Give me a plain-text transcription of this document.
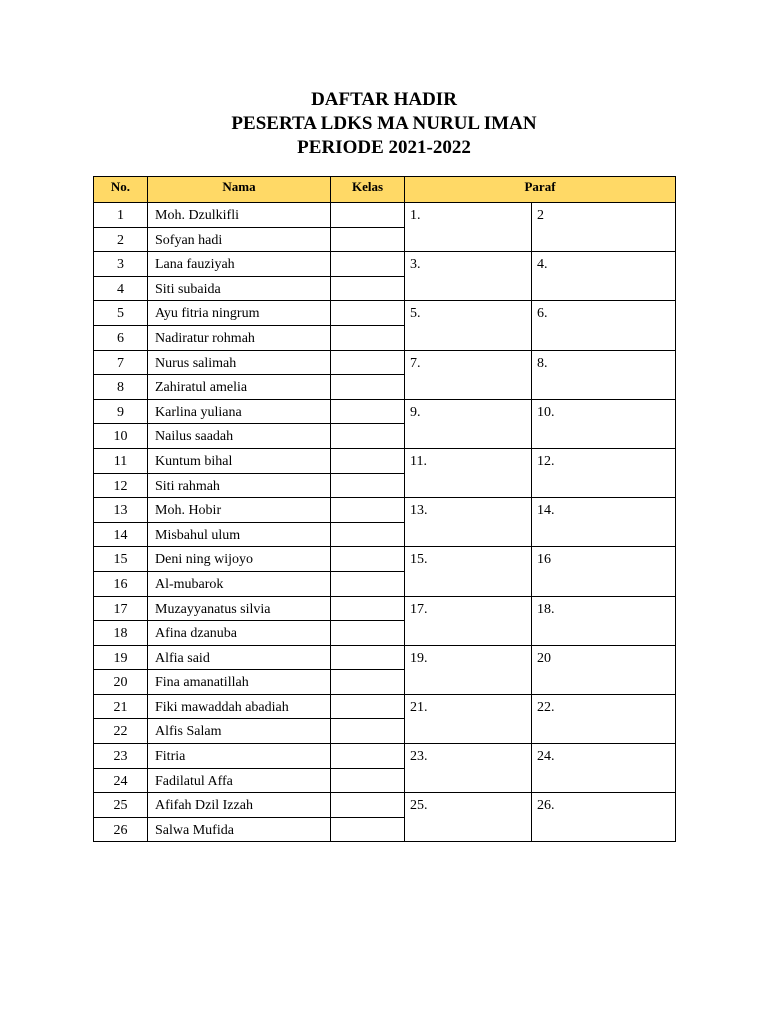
DAFTAR HADIR
PESERTA LDKS MA NURUL IMAN
PERIODE 2021-2022
No.	Nama	Kelas	Paraf	
1	Moh. Dzulkifli		1.	2
2	Sofyan hadi			
3	Lana fauziyah		3.	4.
4	Siti subaida			
5	Ayu fitria ningrum		5.	6.
6	Nadiratur rohmah			
7	Nurus salimah		7.	8.
8	Zahiratul amelia			
9	Karlina yuliana		9.	10.
10	Nailus saadah			
11	Kuntum bihal		11.	12.
12	Siti rahmah			
13	Moh. Hobir		13.	14.
14	Misbahul ulum			
15	Deni ning wijoyo		15.	16
16	Al-mubarok			
17	Muzayyanatus silvia		17.	18.
18	Afina dzanuba			
19	Alfia said		19.	20
20	Fina amanatillah			
21	Fiki mawaddah abadiah		21.	22.
22	Alfis Salam			
23	Fitria		23.	24.
24	Fadilatul Affa			
25	Afifah Dzil Izzah		25.	26.
26	Salwa Mufida			
